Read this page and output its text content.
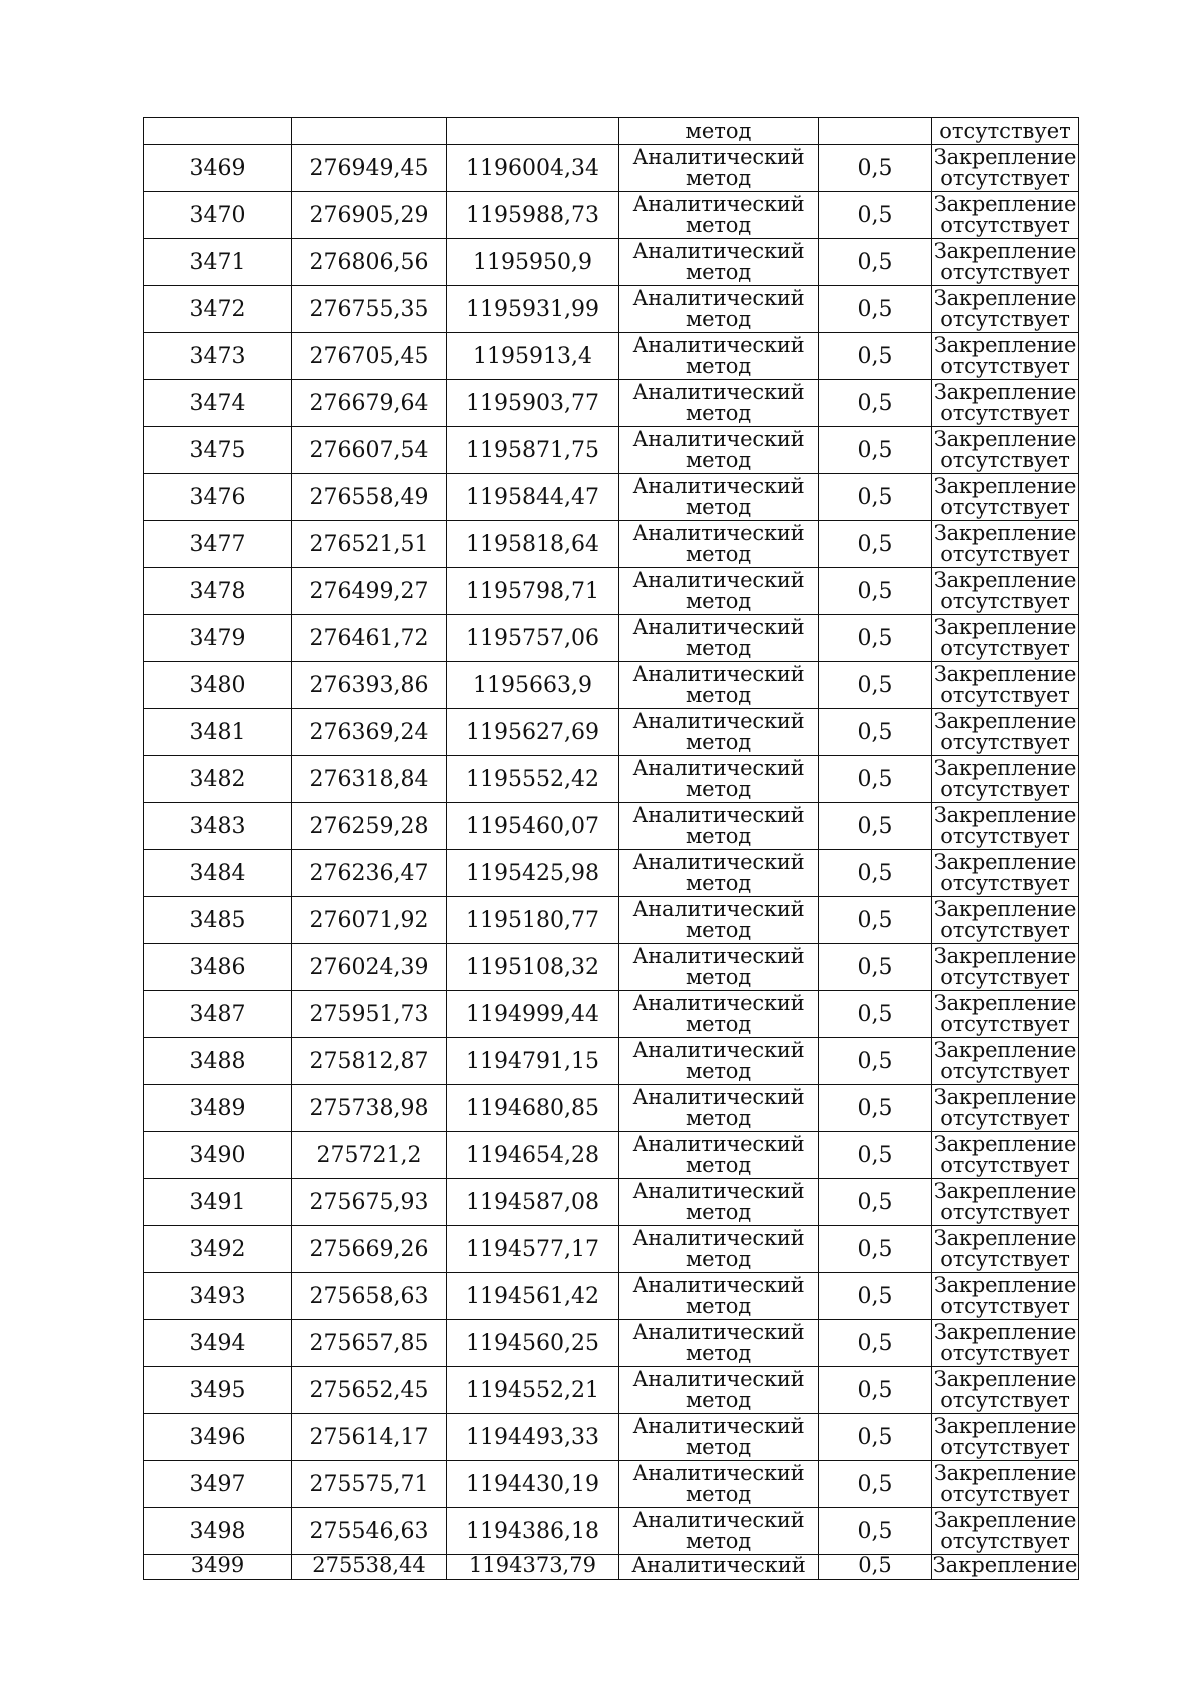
			метод		отсутствует
3469	276949,45	1196004,34	Аналитический
метод	0,5	Закрепление
отсутствует

3470	276905,29	1195988,73	Аналитический
метод	0,5	Закрепление
отсутствует

3471	276806,56	1195950,9	Аналитический
метод	0,5	Закрепление
отсутствует

3472	276755,35	1195931,99	Аналитический
метод	0,5	Закрепление
отсутствует

3473	276705,45	1195913,4	Аналитический
метод	0,5	Закрепление
отсутствует

3474	276679,64	1195903,77	Аналитический
метод	0,5	Закрепление
отсутствует

3475	276607,54	1195871,75	Аналитический
метод	0,5	Закрепление
отсутствует

3476	276558,49	1195844,47	Аналитический
метод	0,5	Закрепление
отсутствует

3477	276521,51	1195818,64	Аналитический
метод	0,5	Закрепление
отсутствует

3478	276499,27	1195798,71	Аналитический
метод	0,5	Закрепление
отсутствует

3479	276461,72	1195757,06	Аналитический
метод	0,5	Закрепление
отсутствует

3480	276393,86	1195663,9	Аналитический
метод	0,5	Закрепление
отсутствует

3481	276369,24	1195627,69	Аналитический
метод	0,5	Закрепление
отсутствует

3482	276318,84	1195552,42	Аналитический
метод	0,5	Закрепление
отсутствует

3483	276259,28	1195460,07	Аналитический
метод	0,5	Закрепление
отсутствует

3484	276236,47	1195425,98	Аналитический
метод	0,5	Закрепление
отсутствует

3485	276071,92	1195180,77	Аналитический
метод	0,5	Закрепление
отсутствует

3486	276024,39	1195108,32	Аналитический
метод	0,5	Закрепление
отсутствует

3487	275951,73	1194999,44	Аналитический
метод	0,5	Закрепление
отсутствует

3488	275812,87	1194791,15	Аналитический
метод	0,5	Закрепление
отсутствует

3489	275738,98	1194680,85	Аналитический
метод	0,5	Закрепление
отсутствует

3490	275721,2	1194654,28	Аналитический
метод	0,5	Закрепление
отсутствует

3491	275675,93	1194587,08	Аналитический
метод	0,5	Закрепление
отсутствует

3492	275669,26	1194577,17	Аналитический
метод	0,5	Закрепление
отсутствует

3493	275658,63	1194561,42	Аналитический
метод	0,5	Закрепление
отсутствует

3494	275657,85	1194560,25	Аналитический
метод	0,5	Закрепление
отсутствует

3495	275652,45	1194552,21	Аналитический
метод	0,5	Закрепление
отсутствует

3496	275614,17	1194493,33	Аналитический
метод	0,5	Закрепление
отсутствует

3497	275575,71	1194430,19	Аналитический
метод	0,5	Закрепление
отсутствует

3498	275546,63	1194386,18	Аналитический
метод	0,5	Закрепление
отсутствует

3499	275538,44	1194373,79	Аналитический	0,5	Закрепление
